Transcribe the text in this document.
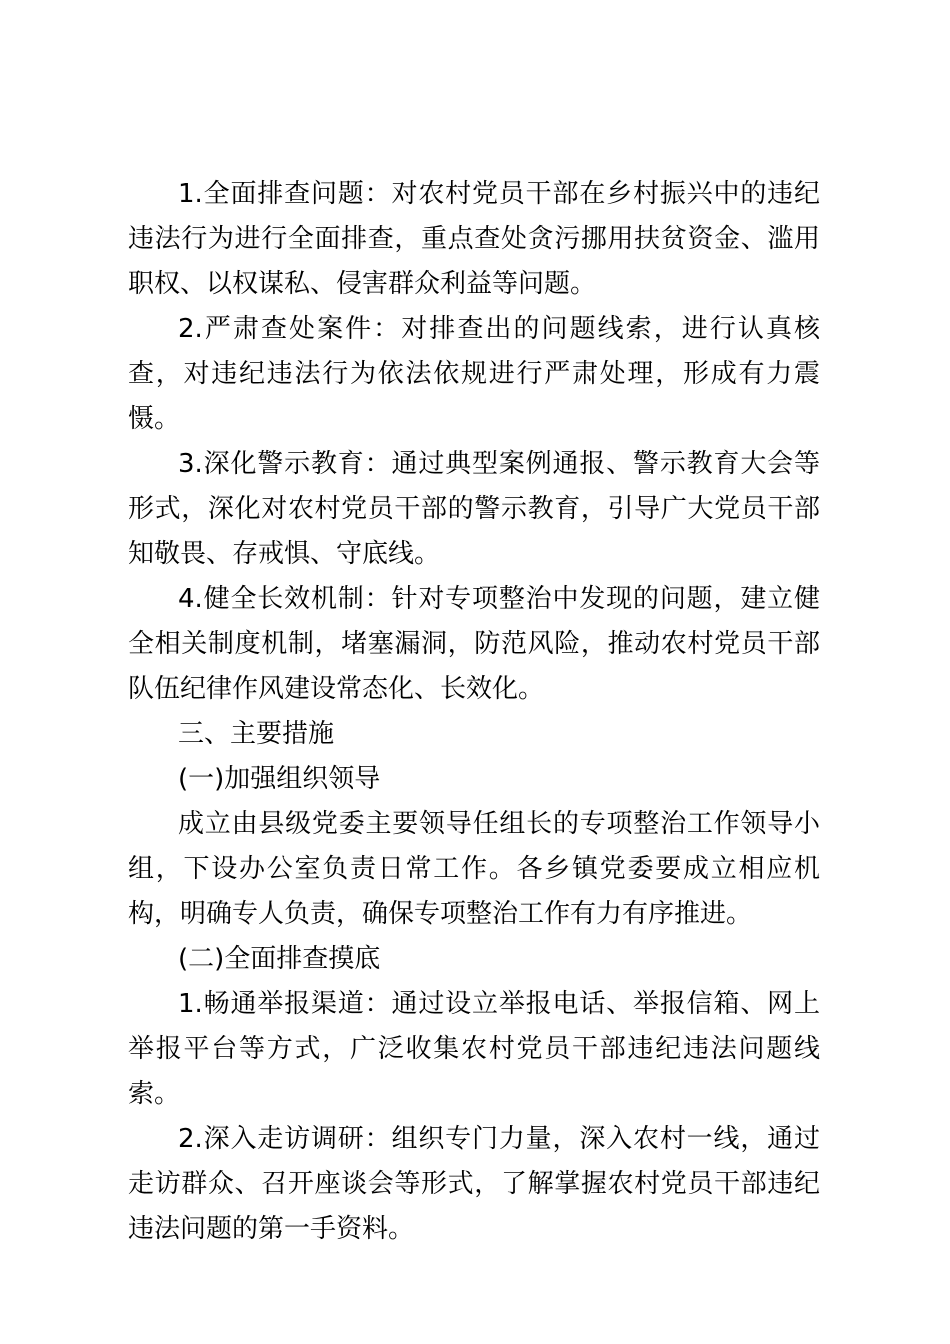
1.全面排查问题：对农村党员干部在乡村振兴中的违纪违法行为进行全面排查，重点查处贪污挪用扶贫资金、滥用职权、以权谋私、侵害群众利益等问题。

2.严肃查处案件：对排查出的问题线索，进行认真核查，对违纪违法行为依法依规进行严肃处理，形成有力震慑。

3.深化警示教育：通过典型案例通报、警示教育大会等形式，深化对农村党员干部的警示教育，引导广大党员干部知敬畏、存戒惧、守底线。

4.健全长效机制：针对专项整治中发现的问题，建立健全相关制度机制，堵塞漏洞，防范风险，推动农村党员干部队伍纪律作风建设常态化、长效化。

三、主要措施

(一)加强组织领导

成立由县级党委主要领导任组长的专项整治工作领导小组，下设办公室负责日常工作。各乡镇党委要成立相应机构，明确专人负责，确保专项整治工作有力有序推进。

(二)全面排查摸底

1.畅通举报渠道：通过设立举报电话、举报信箱、网上举报平台等方式，广泛收集农村党员干部违纪违法问题线索。

2.深入走访调研：组织专门力量，深入农村一线，通过走访群众、召开座谈会等形式，了解掌握农村党员干部违纪违法问题的第一手资料。
